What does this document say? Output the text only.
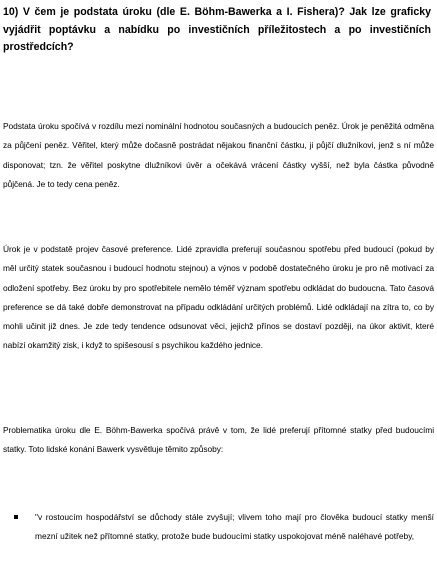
10) V čem je podstata úroku (dle E. Böhm-Bawerka a I. Fishera)? Jak lze graficky vyjádřit poptávku a nabídku po investičních příležitostech a po investičních prostředcích?

Podstata úroku spočívá v rozdílu mezi nominální hodnotou současných a budoucích peněz. Úrok je peněžitá odměna za půjčení peněz. Věřitel, který může dočasně postrádat nějakou finanční částku, ji půjčí dlužníkovi, jenž s ní může disponovat; tzn. že věřitel poskytne dlužníkovi úvěr a očekává vrácení částky vyšší, než byla částka původně půjčená. Je to tedy cena peněz.

Úrok je v podstatě projev časové preference. Lidé zpravidla preferují současnou spotřebu před budoucí (pokud by měl určitý statek současnou i budoucí hodnotu stejnou) a výnos v podobě dostatečného úroku je pro ně motivací za odložení spotřeby. Bez úroku by pro spotřebitele nemělo téměř význam spotřebu odkládat do budoucna. Tato časová preference se dá také dobře demonstrovat na případu odkládání určitých problémů. Lidé odkládají na zítra to, co by mohli učinit již dnes. Je zde tedy tendence odsunovat věci, jejichž přínos se dostaví později, na úkor aktivit, které nabízí okamžitý zisk, i když to spišesousí s psychikou každého jednice.

Problematika úroku dle E. Böhm-Bawerka spočívá právě v tom, že lidé preferují přítomné statky před budoucími statky. Toto lidské konání Bawerk vysvětluje těmito způsoby:

"v rostoucím hospodářství se důchody stále zvyšují; vlivem toho mají pro člověka budoucí statky menší mezní užitek než přítomné statky, protože bude budoucími statky uspokojovat méně naléhavé potřeby,
